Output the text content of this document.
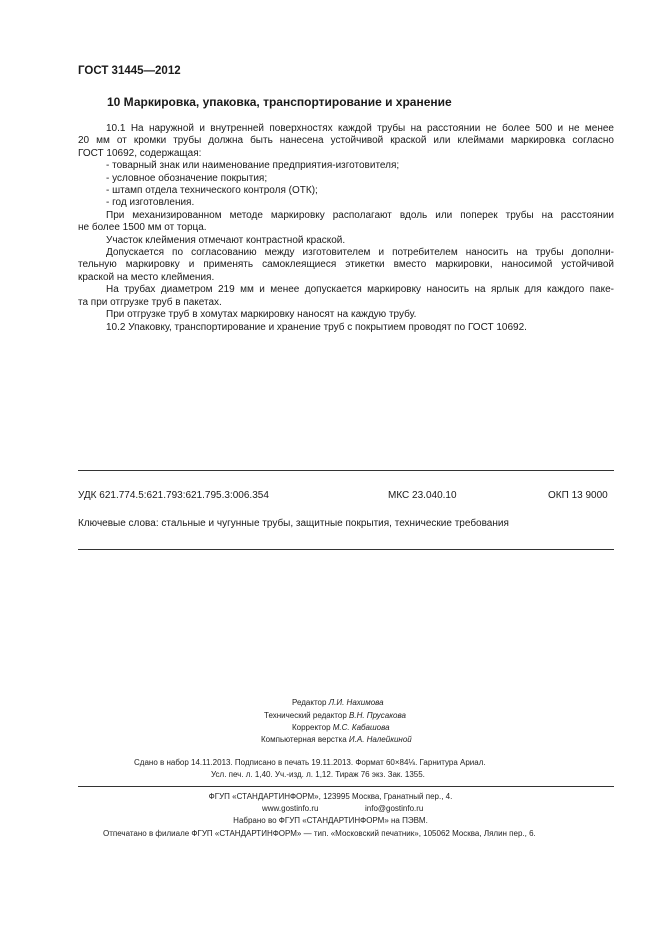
ГОСТ 31445—2012
10 Маркировка, упаковка, транспортирование и хранение
10.1 На наружной и внутренней поверхностях каждой трубы на расстоянии не более 500 и не менее
20 мм от кромки трубы должна быть нанесена устойчивой краской или клеймами маркировка согласно
ГОСТ 10692, содержащая:
- товарный знак или наименование предприятия-изготовителя;
- условное обозначение покрытия;
- штамп отдела технического контроля (ОТК);
- год изготовления.
При механизированном методе маркировку располагают вдоль или поперек трубы на расстоянии
не более 1500 мм от торца.
Участок клеймения отмечают контрастной краской.
Допускается по согласованию между изготовителем и потребителем наносить на трубы дополни-
тельную маркировку и применять самоклеящиеся этикетки вместо маркировки, наносимой устойчивой
краской на место клеймения.
На трубах диаметром 219 мм и менее допускается маркировку наносить на ярлык для каждого паке-
та при отгрузке труб в пакетах.
При отгрузке труб в хомутах маркировку наносят на каждую трубу.
10.2 Упаковку, транспортирование и хранение труб с покрытием проводят по ГОСТ 10692.
УДК 621.774.5:621.793:621.795.3:006.354	МКС 23.040.10	ОКП 13 9000
Ключевые слова: стальные и чугунные трубы, защитные покрытия, технические требования
Редактор Л.И. Нахимова
Технический редактор В.Н. Прусакова
Корректор М.С. Кабашова
Компьютерная верстка И.А. Налейкиной
Сдано в набор 14.11.2013. Подписано в печать 19.11.2013. Формат 60×84⅛. Гарнитура Ариал.
Усл. печ. л. 1,40. Уч.-изд. л. 1,12. Тираж 76 экз. Зак. 1355.
ФГУП «СТАНДАРТИНФОРМ», 123995 Москва, Гранатный пер., 4.
www.gostinfo.ru	info@gostinfo.ru
Набрано во ФГУП «СТАНДАРТИНФОРМ» на ПЭВМ.
Отпечатано в филиале ФГУП «СТАНДАРТИНФОРМ» — тип. «Московский печатник», 105062 Москва, Лялин пер., 6.
